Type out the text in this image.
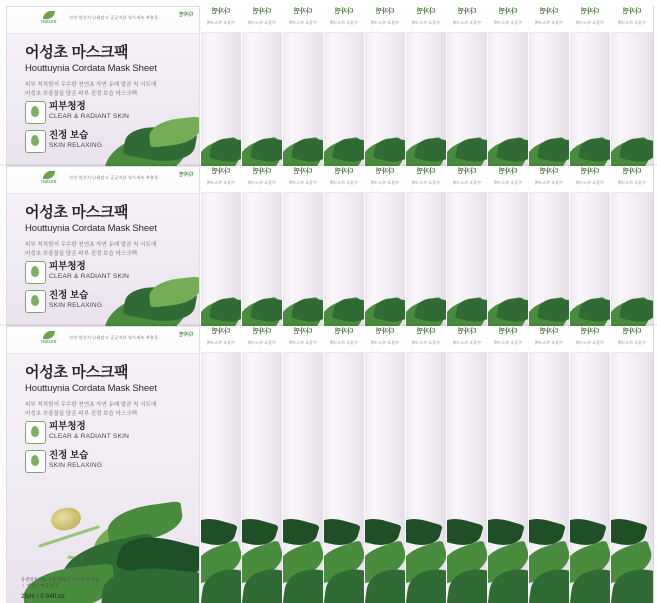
nature
자연 원산지 다래맑고 공급적용 영수세조 추출물	다자연
어성초 마스크팩
Houttuynia Cordata Mask Sheet
피부 칙칙함이 우수한 천연초 자연 유래 말끔 칙 시트에
어성초 추출물들 담은 피부 진정 보습 마스크팩
피부청정
CLEAR & RADIANT SKIN
진정 보습
SKIN RELAXING
다자연
어성초 마스크팩
다자연
어성초 마스크팩
다자연
어성초 마스크팩
다자연
어성초 마스크팩
다자연
어성초 마스크팩
다자연
어성초 마스크팩
다자연
어성초 마스크팩
다자연
어성초 마스크팩
다자연
어성초 마스크팩
다자연
어성초 마스크팩
다자연
어성초 마스크팩
nature
자연 원산지 다래맑고 공급적용 영수세조 추출물	다자연
어성초 마스크팩
Houttuynia Cordata Mask Sheet
피부 칙칙함이 우수한 천연초 자연 유래 말끔 칙 시트에
어성초 추출물들 담은 피부 진정 보습 마스크팩
피부청정
CLEAR & RADIANT SKIN
진정 보습
SKIN RELAXING
다자연
어성초 마스크팩
다자연
어성초 마스크팩
다자연
어성초 마스크팩
다자연
어성초 마스크팩
다자연
어성초 마스크팩
다자연
어성초 마스크팩
다자연
어성초 마스크팩
다자연
어성초 마스크팩
다자연
어성초 마스크팩
다자연
어성초 마스크팩
다자연
어성초 마스크팩
nature
자연 원산지 다래맑고 공급적용 영수세조 추출물	다자연
어성초 마스크팩
Houttuynia Cordata Mask Sheet
피부 칙칙함이 우수한 천연초 자연 유래 말끔 칙 시트에
어성초 추출물들 담은 피부 진정 보습 마스크팩
피부청정
CLEAR & RADIANT SKIN
진정 보습
SKIN RELAXING
유질알루미늄 사용 화해의 자연 유래 성분
＋ 에센스 마음 충전
25ml / 0.84fl.oz.
다자연
어성초 마스크팩
다자연
어성초 마스크팩
다자연
어성초 마스크팩
다자연
어성초 마스크팩
다자연
어성초 마스크팩
다자연
어성초 마스크팩
다자연
어성초 마스크팩
다자연
어성초 마스크팩
다자연
어성초 마스크팩
다자연
어성초 마스크팩
다자연
어성초 마스크팩
